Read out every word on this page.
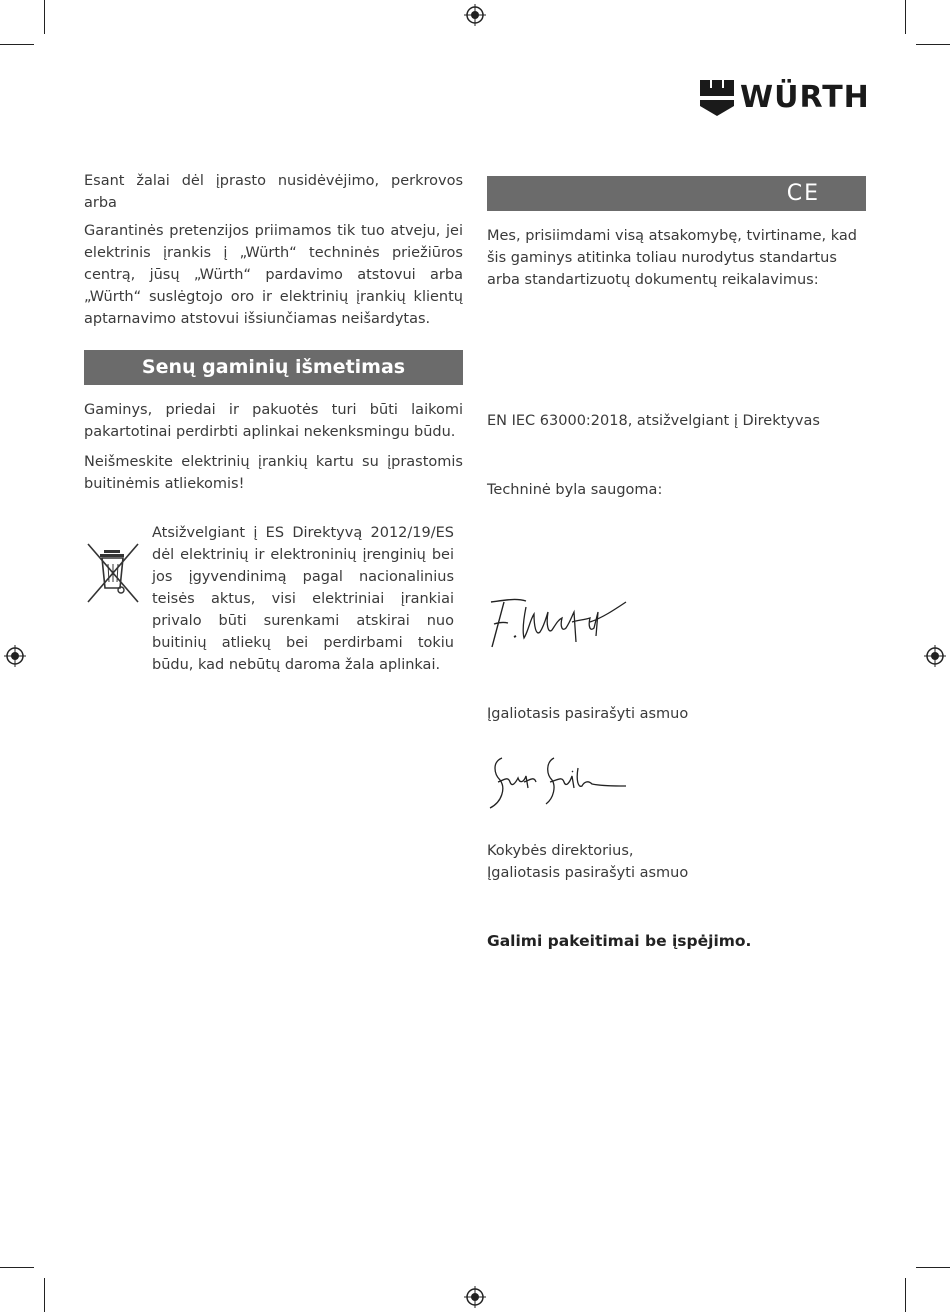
WÜRTH
Esant žalai dėl įprasto nusidėvėjimo, perkrovos arba
Garantinės pretenzijos priimamos tik tuo atveju, jei elektrinis įrankis į „Würth“ techninės priežiūros centrą, jūsų „Würth“ pardavimo atstovui arba „Würth“ suslėgtojo oro ir elektrinių įrankių klientų aptarnavimo atstovui išsiunčiamas neišardytas.
Senų gaminių išmetimas
Gaminys, priedai ir pakuotės turi būti laikomi pakartotinai perdirbti aplinkai nekenksmingu būdu.
Neišmeskite elektrinių įrankių kartu su įprastomis buitinėmis atliekomis!
Atsižvelgiant į ES Direktyvą 2012/19/ES dėl elektrinių ir elektroninių įrenginių bei jos įgyvendinimą pagal nacionalinius teisės aktus, visi elektriniai įrankiai privalo būti surenkami atskirai nuo buitinių atliekų bei perdirbami tokiu būdu, kad nebūtų daroma žala aplinkai.
CE
Mes, prisiimdami visą atsakomybę, tvirtiname, kad šis gaminys atitinka toliau nurodytus standartus arba standartizuotų dokumentų reikalavimus:
EN IEC 63000:2018, atsižvelgiant į Direktyvas
Techninė byla saugoma:
Įgaliotasis pasirašyti asmuo
Kokybės direktorius,
Įgaliotasis pasirašyti asmuo
Galimi pakeitimai be įspėjimo.
